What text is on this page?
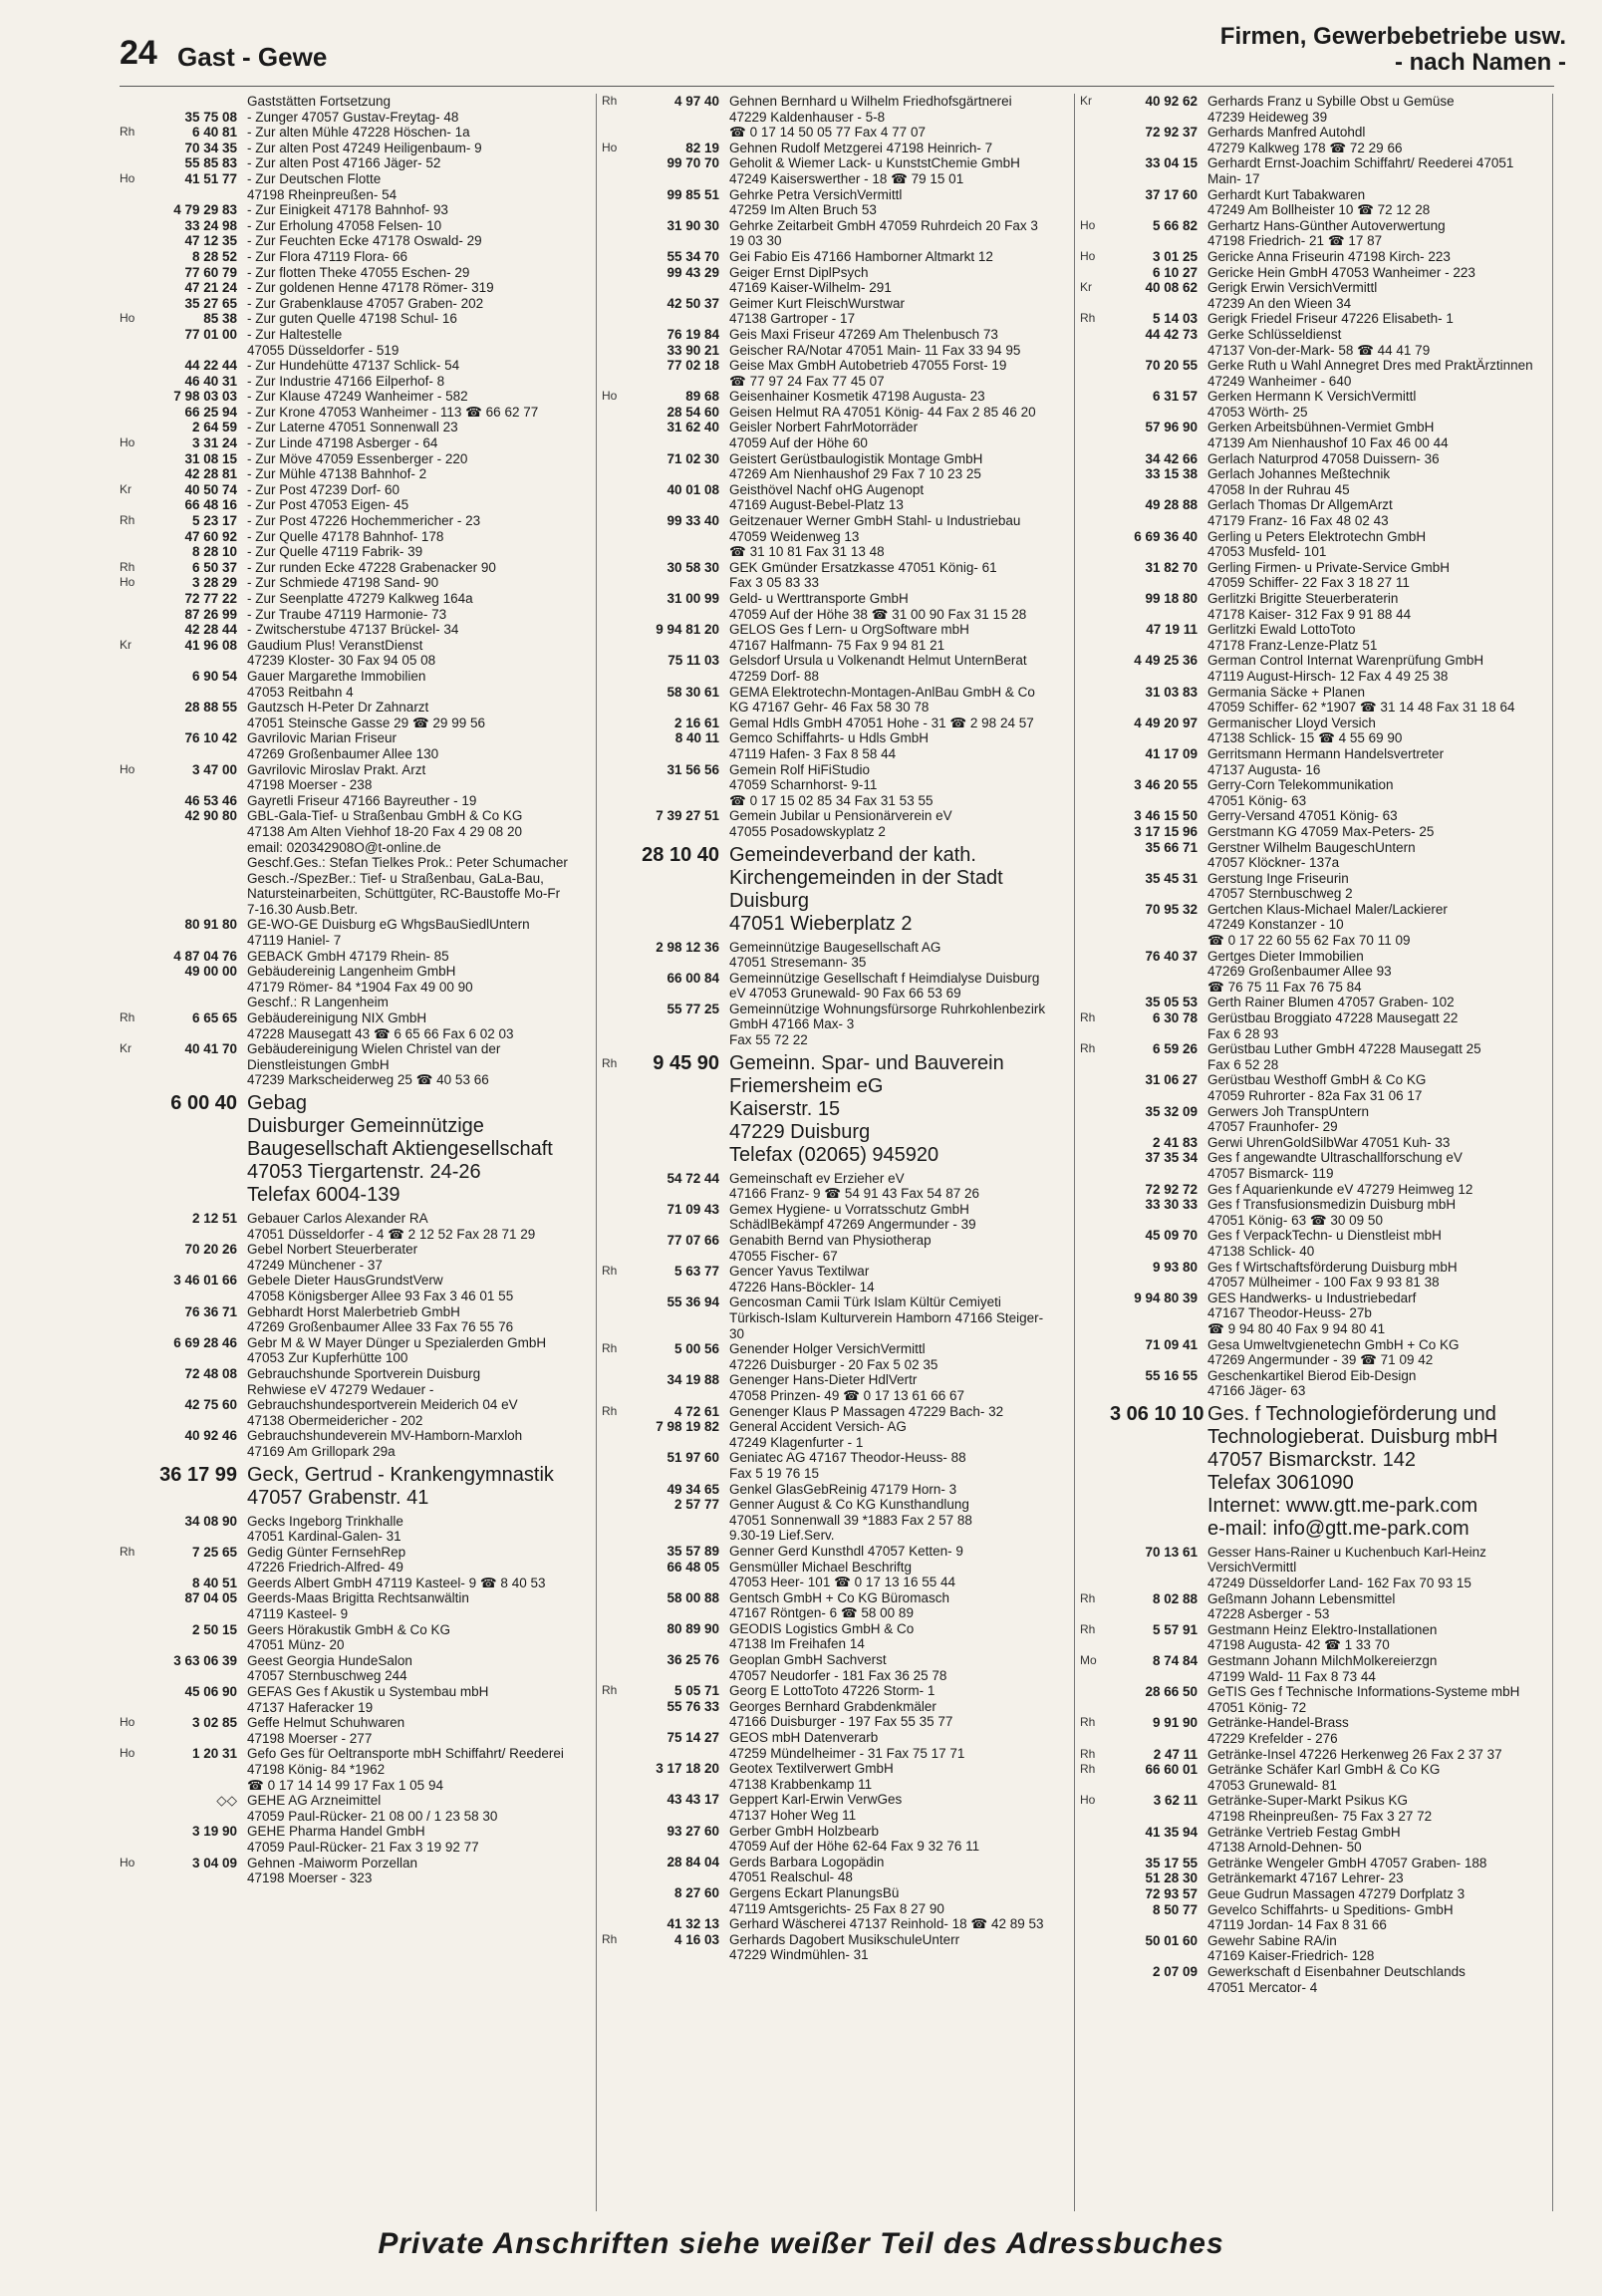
24 Gast - Gewe
Firmen, Gewerbebetriebe usw.
- nach Namen -
Gaststätten Fortsetzung
35 75 08 - Zunger 47057 Gustav-Freytag- 48
Rh	6 40 81 - Zur alten Mühle 47228 Höschen- 1a
70 34 35 - Zur alten Post 47249 Heiligenbaum- 9
55 85 83 - Zur alten Post 47166 Jäger- 52
Ho	41 51 77 - Zur Deutschen Flotte
47198 Rheinpreußen- 54
4 79 29 83 - Zur Einigkeit 47178 Bahnhof- 93
33 24 98 - Zur Erholung 47058 Felsen- 10
47 12 35 - Zur Feuchten Ecke 47178 Oswald- 29
8 28 52 - Zur Flora 47119 Flora- 66
77 60 79 - Zur flotten Theke 47055 Eschen- 29
47 21 24 - Zur goldenen Henne 47178 Römer- 319
35 27 65 - Zur Grabenklause 47057 Graben- 202
Ho	85 38 - Zur guten Quelle 47198 Schul- 16
77 01 00 - Zur Haltestelle
47055 Düsseldorfer - 519
44 22 44 - Zur Hundehütte 47137 Schlick- 54
46 40 31 - Zur Industrie 47166 Eilperhof- 8
7 98 03 03 - Zur Klause 47249 Wanheimer - 582
66 25 94 - Zur Krone 47053 Wanheimer - 113 ☎ 66 62 77
2 64 59 - Zur Laterne 47051 Sonnenwall 23
Ho	3 31 24 - Zur Linde 47198 Asberger - 64
31 08 15 - Zur Möve 47059 Essenberger - 220
42 28 81 - Zur Mühle 47138 Bahnhof- 2
Kr	40 50 74 - Zur Post 47239 Dorf- 60
66 48 16 - Zur Post 47053 Eigen- 45
Rh	5 23 17 - Zur Post 47226 Hochemmericher - 23
47 60 92 - Zur Quelle 47178 Bahnhof- 178
8 28 10 - Zur Quelle 47119 Fabrik- 39
Rh	6 50 37 - Zur runden Ecke 47228 Grabenacker 90
Ho	3 28 29 - Zur Schmiede 47198 Sand- 90
72 77 22 - Zur Seenplatte 47279 Kalkweg 164a
87 26 99 - Zur Traube 47119 Harmonie- 73
42 28 44 - Zwitscherstube 47137 Brückel- 34
Kr	41 96 08 Gaudium Plus! VeranstDienst
47239 Kloster- 30 Fax 94 05 08
6 90 54 Gauer Margarethe Immobilien
47053 Reitbahn 4
28 88 55 Gautzsch H-Peter Dr Zahnarzt
47051 Steinsche Gasse 29 ☎ 29 99 56
76 10 42 Gavrilovic Marian Friseur
47269 Großenbaumer Allee 130
Ho	3 47 00 Gavrilovic Miroslav Prakt. Arzt
47198 Moerser - 238
46 53 46 Gayretli Friseur 47166 Bayreuther - 19
42 90 80 GBL-Gala-Tief- u Straßenbau GmbH & Co KG
47138 Am Alten Viehhof 18-20 Fax 4 29 08 20
email: 020342908O@t-online.de
Geschf.Ges.: Stefan Tielkes Prok.: Peter Schumacher Gesch.-/SpezBer.: Tief- u Straßenbau, GaLa-Bau, Natursteinarbeiten, Schüttgüter, RC-Baustoffe Mo-Fr 7-16.30 Ausb.Betr.
80 91 80 GE-WO-GE Duisburg eG WhgsBauSiedlUntern
47119 Haniel- 7
4 87 04 76 GEBACK GmbH 47179 Rhein- 85
49 00 00 Gebäudereinig Langenheim GmbH
47179 Römer- 84 *1904 Fax 49 00 90
Geschf.: R Langenheim
Rh	6 65 65 Gebäudereinigung NIX GmbH
47228 Mausegatt 43 ☎ 6 65 66 Fax 6 02 03
Kr	40 41 70 Gebäudereinigung Wielen Christel van der Dienstleistungen GmbH
47239 Markscheiderweg 25 ☎ 40 53 66
6 00 40 Gebag
Duisburger Gemeinnützige Baugesellschaft Aktiengesellschaft
47053 Tiergartenstr. 24-26
Telefax 6004-139
2 12 51 Gebauer Carlos Alexander RA
47051 Düsseldorfer - 4 ☎ 2 12 52 Fax 28 71 29
70 20 26 Gebel Norbert Steuerberater
47249 Münchener - 37
3 46 01 66 Gebele Dieter HausGrundstVerw
47058 Königsberger Allee 93 Fax 3 46 01 55
76 36 71 Gebhardt Horst Malerbetrieb GmbH
47269 Großenbaumer Allee 33 Fax 76 55 76
6 69 28 46 Gebr M & W Mayer Dünger u Spezialerden GmbH 47053 Zur Kupferhütte 100
72 48 08 Gebrauchshunde Sportverein Duisburg
Rehwiese eV 47279 Wedauer -
42 75 60 Gebrauchshundesportverein Meiderich 04 eV
47138 Obermeidericher - 202
40 92 46 Gebrauchshundeverein MV-Hamborn-Marxloh
47169 Am Grillopark 29a
36 17 99 Geck, Gertrud - Krankengymnastik
47057 Grabenstr. 41
34 08 90 Gecks Ingeborg Trinkhalle
47051 Kardinal-Galen- 31
Rh	7 25 65 Gedig Günter FernsehRep
47226 Friedrich-Alfred- 49
8 40 51 Geerds Albert GmbH 47119 Kasteel- 9 ☎ 8 40 53
87 04 05 Geerds-Maas Brigitta Rechtsanwältin
47119 Kasteel- 9
2 50 15 Geers Hörakustik GmbH & Co KG
47051 Münz- 20
3 63 06 39 Geest Georgia HundeSalon
47057 Sternbuschweg 244
45 06 90 GEFAS Ges f Akustik u Systembau mbH
47137 Haferacker 19
Ho	3 02 85 Geffe Helmut Schuhwaren
47198 Moerser - 277
Ho	1 20 31 Gefo Ges für Oeltransporte mbH Schiffahrt/ Reederei 47198 König- 84 *1962
☎ 0 17 14 14 99 17 Fax 1 05 94
◇◇ GEHE AG Arzneimittel
47059 Paul-Rücker- 21 08 00 / 1 23 58 30
3 19 90 GEHE Pharma Handel GmbH
47059 Paul-Rücker- 21 Fax 3 19 92 77
Ho	3 04 09 Gehnen -Maiworm Porzellan
47198 Moerser - 323
Rh	4 97 40 Gehnen Bernhard u Wilhelm Friedhofsgärtnerei
47229 Kaldenhauser - 5-8
☎ 0 17 14 50 05 77 Fax 4 77 07
Ho	82 19 Gehnen Rudolf Metzgerei 47198 Heinrich- 7
99 70 70 Geholit & Wiemer Lack- u KunststChemie GmbH 47249 Kaiserswerther - 18 ☎ 79 15 01
99 85 51 Gehrke Petra VersichVermittl
47259 Im Alten Bruch 53
31 90 30 Gehrke Zeitarbeit GmbH 47059 Ruhrdeich 20 Fax 3 19 03 30
55 34 70 Gei Fabio Eis 47166 Hamborner Altmarkt 12
99 43 29 Geiger Ernst DiplPsych
47169 Kaiser-Wilhelm- 291
42 50 37 Geimer Kurt FleischWurstwar
47138 Gartroper - 17
76 19 84 Geis Maxi Friseur 47269 Am Thelenbusch 73
33 90 21 Geischer RA/Notar 47051 Main- 11 Fax 33 94 95
77 02 18 Geise Max GmbH Autobetrieb 47055 Forst- 19
☎ 77 97 24 Fax 77 45 07
Ho	89 68 Geisenhainer Kosmetik 47198 Augusta- 23
28 54 60 Geisen Helmut RA 47051 König- 44 Fax 2 85 46 20
31 62 40 Geisler Norbert FahrMotorräder
47059 Auf der Höhe 60
71 02 30 Geistert Gerüstbaulogistik Montage GmbH
47269 Am Nienhaushof 29 Fax 7 10 23 25
40 01 08 Geisthövel Nachf oHG Augenopt
47169 August-Bebel-Platz 13
99 33 40 Geitzenauer Werner GmbH Stahl- u Industriebau 47059 Weidenweg 13
☎ 31 10 81 Fax 31 13 48
30 58 30 GEK Gmünder Ersatzkasse 47051 König- 61
Fax 3 05 83 33
31 00 99 Geld- u Werttransporte GmbH
47059 Auf der Höhe 38 ☎ 31 00 90 Fax 31 15 28
9 94 81 20 GELOS Ges f Lern- u OrgSoftware mbH
47167 Halfmann- 75 Fax 9 94 81 21
75 11 03 Gelsdorf Ursula u Volkenandt Helmut UnternBerat 47259 Dorf- 88
58 30 61 GEMA Elektrotechn-Montagen-AnlBau GmbH & Co KG 47167 Gehr- 46 Fax 58 30 78
2 16 61 Gemal Hdls GmbH 47051 Hohe - 31 ☎ 2 98 24 57
8 40 11 Gemco Schiffahrts- u Hdls GmbH
47119 Hafen- 3 Fax 8 58 44
31 56 56 Gemein Rolf HiFiStudio
47059 Scharnhorst- 9-11
☎ 0 17 15 02 85 34 Fax 31 53 55
7 39 27 51 Gemein Jubilar u Pensionärverein eV
47055 Posadowskyplatz 2
28 10 40 Gemeindeverband der kath. Kirchengemeinden in der Stadt Duisburg
47051 Wieberplatz 2
2 98 12 36 Gemeinnützige Baugesellschaft AG
47051 Stresemann- 35
66 00 84 Gemeinnützige Gesellschaft f Heimdialyse Duisburg eV 47053 Grunewald- 90 Fax 66 53 69
55 77 25 Gemeinnützige Wohnungsfürsorge Ruhrkohlenbezirk GmbH 47166 Max- 3
Fax 55 72 22
Rh	9 45 90 Gemeinn. Spar- und Bauverein
Friemersheim eG
Kaiserstr. 15
47229 Duisburg
Telefax (02065) 945920
54 72 44 Gemeinschaft ev Erzieher eV
47166 Franz- 9 ☎ 54 91 43 Fax 54 87 26
71 09 43 Gemex Hygiene- u Vorratsschutz GmbH SchädlBekämpf 47269 Angermunder - 39
77 07 66 Genabith Bernd van Physiotherap
47055 Fischer- 67
Rh	5 63 77 Gencer Yavus Textilwar
47226 Hans-Böckler- 14
55 36 94 Gencosman Camii Türk Islam Kültür Cemiyeti Türkisch-Islam Kulturverein Hamborn 47166 Steiger- 30
Rh	5 00 56 Genender Holger VersichVermittl
47226 Duisburger - 20 Fax 5 02 35
34 19 88 Genenger Hans-Dieter HdlVertr
47058 Prinzen- 49 ☎ 0 17 13 61 66 67
Rh	4 72 61 Genenger Klaus P Massagen 47229 Bach- 32
7 98 19 82 General Accident Versich- AG
47249 Klagenfurter - 1
51 97 60 Geniatec AG 47167 Theodor-Heuss- 88
Fax 5 19 76 15
49 34 65 Genkel GlasGebReinig 47179 Horn- 3
2 57 77 Genner August & Co KG Kunsthandlung
47051 Sonnenwall 39 *1883 Fax 2 57 88
9.30-19 Lief.Serv.
35 57 89 Genner Gerd Kunsthdl 47057 Ketten- 9
66 48 05 Gensmüller Michael Beschriftg
47053 Heer- 101 ☎ 0 17 13 16 55 44
58 00 88 Gentsch GmbH + Co KG Büromasch
47167 Röntgen- 6 ☎ 58 00 89
80 89 90 GEODIS Logistics GmbH & Co
47138 Im Freihafen 14
36 25 76 Geoplan GmbH Sachverst
47057 Neudorfer - 181 Fax 36 25 78
Rh	5 05 71 Georg E LottoToto 47226 Storm- 1
55 76 33 Georges Bernhard Grabdenkmäler
47166 Duisburger - 197 Fax 55 35 77
75 14 27 GEOS mbH Datenverarb
47259 Mündelheimer - 31 Fax 75 17 71
3 17 18 20 Geotex Textilverwert GmbH
47138 Krabbenkamp 11
43 43 17 Geppert Karl-Erwin VerwGes
47137 Hoher Weg 11
93 27 60 Gerber GmbH Holzbearb
47059 Auf der Höhe 62-64 Fax 9 32 76 11
28 84 04 Gerds Barbara Logopädin
47051 Realschul- 48
8 27 60 Gergens Eckart PlanungsBü
47119 Amtsgerichts- 25 Fax 8 27 90
41 32 13 Gerhard Wäscherei 47137 Reinhold- 18 ☎ 42 89 53
Rh	4 16 03 Gerhards Dagobert MusikschuleUnterr
47229 Windmühlen- 31
Kr	40 92 62 Gerhards Franz u Sybille Obst u Gemüse
47239 Heideweg 39
72 92 37 Gerhards Manfred Autohdl
47279 Kalkweg 178 ☎ 72 29 66
33 04 15 Gerhardt Ernst-Joachim Schiffahrt/ Reederei 47051 Main- 17
37 17 60 Gerhardt Kurt Tabakwaren
47249 Am Bollheister 10 ☎ 72 12 28
Ho	5 66 82 Gerhartz Hans-Günther Autoverwertung
47198 Friedrich- 21 ☎ 17 87
Ho	3 01 25 Gericke Anna Friseurin 47198 Kirch- 223
6 10 27 Gericke Hein GmbH 47053 Wanheimer - 223
Kr	40 08 62 Gerigk Erwin VersichVermittl
47239 An den Wieen 34
Rh	5 14 03 Gerigk Friedel Friseur 47226 Elisabeth- 1
44 42 73 Gerke Schlüsseldienst
47137 Von-der-Mark- 58 ☎ 44 41 79
70 20 55 Gerke Ruth u Wahl Annegret Dres med PraktÄrztinnen 47249 Wanheimer - 640
6 31 57 Gerken Hermann K VersichVermittl
47053 Wörth- 25
57 96 90 Gerken Arbeitsbühnen-Vermiet GmbH
47139 Am Nienhaushof 10 Fax 46 00 44
34 42 66 Gerlach Naturprod 47058 Duissern- 36
33 15 38 Gerlach Johannes Meßtechnik
47058 In der Ruhrau 45
49 28 88 Gerlach Thomas Dr AllgemArzt
47179 Franz- 16 Fax 48 02 43
6 69 36 40 Gerling u Peters Elektrotechn GmbH
47053 Musfeld- 101
31 82 70 Gerling Firmen- u Private-Service GmbH
47059 Schiffer- 22 Fax 3 18 27 11
99 18 80 Gerlitzki Brigitte Steuerberaterin
47178 Kaiser- 312 Fax 9 91 88 44
47 19 11 Gerlitzki Ewald LottoToto
47178 Franz-Lenze-Platz 51
4 49 25 36 German Control Internat Warenprüfung GmbH
47119 August-Hirsch- 12 Fax 4 49 25 38
31 03 83 Germania Säcke + Planen
47059 Schiffer- 62 *1907 ☎ 31 14 48 Fax 31 18 64
4 49 20 97 Germanischer Lloyd Versich
47138 Schlick- 15 ☎ 4 55 69 90
41 17 09 Gerritsmann Hermann Handelsvertreter
47137 Augusta- 16
3 46 20 55 Gerry-Corn Telekommunikation
47051 König- 63
3 46 15 50 Gerry-Versand 47051 König- 63
3 17 15 96 Gerstmann KG 47059 Max-Peters- 25
35 66 71 Gerstner Wilhelm BaugeschUntern
47057 Klöckner- 137a
35 45 31 Gerstung Inge Friseurin
47057 Sternbuschweg 2
70 95 32 Gertchen Klaus-Michael Maler/Lackierer
47249 Konstanzer - 10
☎ 0 17 22 60 55 62 Fax 70 11 09
76 40 37 Gertges Dieter Immobilien
47269 Großenbaumer Allee 93
☎ 76 75 11 Fax 76 75 84
35 05 53 Gerth Rainer Blumen 47057 Graben- 102
Rh	6 30 78 Gerüstbau Broggiato 47228 Mausegatt 22
Fax 6 28 93
Rh	6 59 26 Gerüstbau Luther GmbH 47228 Mausegatt 25
Fax 6 52 28
31 06 27 Gerüstbau Westhoff GmbH & Co KG
47059 Ruhrorter - 82a Fax 31 06 17
35 32 09 Gerwers Joh TranspUntern
47057 Fraunhofer- 29
2 41 83 Gerwi UhrenGoldSilbWar 47051 Kuh- 33
37 35 34 Ges f angewandte Ultraschallforschung eV
47057 Bismarck- 119
72 92 72 Ges f Aquarienkunde eV 47279 Heimweg 12
33 30 33 Ges f Transfusionsmedizin Duisburg mbH
47051 König- 63 ☎ 30 09 50
45 09 70 Ges f VerpackTechn- u Dienstleist mbH
47138 Schlick- 40
9 93 80 Ges f Wirtschaftsförderung Duisburg mbH
47057 Mülheimer - 100 Fax 9 93 81 38
9 94 80 39 GES Handwerks- u Industriebedarf
47167 Theodor-Heuss- 27b
☎ 9 94 80 40 Fax 9 94 80 41
71 09 41 Gesa Umweltvgienetechn GmbH + Co KG
47269 Angermunder - 39 ☎ 71 09 42
55 16 55 Geschenkartikel Bierod Eib-Design
47166 Jäger- 63
3 06 10 10 Ges. f Technologieförderung und Technologieberat. Duisburg mbH
47057 Bismarckstr. 142
Telefax 3061090
Internet: www.gtt.me-park.com
e-mail: info@gtt.me-park.com
70 13 61 Gesser Hans-Rainer u Kuchenbuch Karl-Heinz VersichVermittl
47249 Düsseldorfer Land- 162 Fax 70 93 15
Rh	8 02 88 Geßmann Johann Lebensmittel
47228 Asberger - 53
Rh	5 57 91 Gestmann Heinz Elektro-Installationen
47198 Augusta- 42 ☎ 1 33 70
Mo	8 74 84 Gestmann Johann MilchMolkereierzgn
47199 Wald- 11 Fax 8 73 44
28 66 50 GeTIS Ges f Technische Informations-Systeme mbH 47051 König- 72
Rh	9 91 90 Getränke-Handel-Brass
47229 Krefelder - 276
Rh	2 47 11 Getränke-Insel 47226 Herkenweg 26 Fax 2 37 37
Rh	66 60 01 Getränke Schäfer Karl GmbH & Co KG
47053 Grunewald- 81
Ho	3 62 11 Getränke-Super-Markt Psikus KG
47198 Rheinpreußen- 75 Fax 3 27 72
41 35 94 Getränke Vertrieb Festag GmbH
47138 Arnold-Dehnen- 50
35 17 55 Getränke Wengeler GmbH 47057 Graben- 188
51 28 30 Getränkemarkt 47167 Lehrer- 23
72 93 57 Geue Gudrun Massagen 47279 Dorfplatz 3
8 50 77 Gevelco Schiffahrts- u Speditions- GmbH
47119 Jordan- 14 Fax 8 31 66
50 01 60 Gewehr Sabine RA/in
47169 Kaiser-Friedrich- 128
2 07 09 Gewerkschaft d Eisenbahner Deutschlands
47051 Mercator- 4
Private Anschriften siehe weißer Teil des Adressbuches
